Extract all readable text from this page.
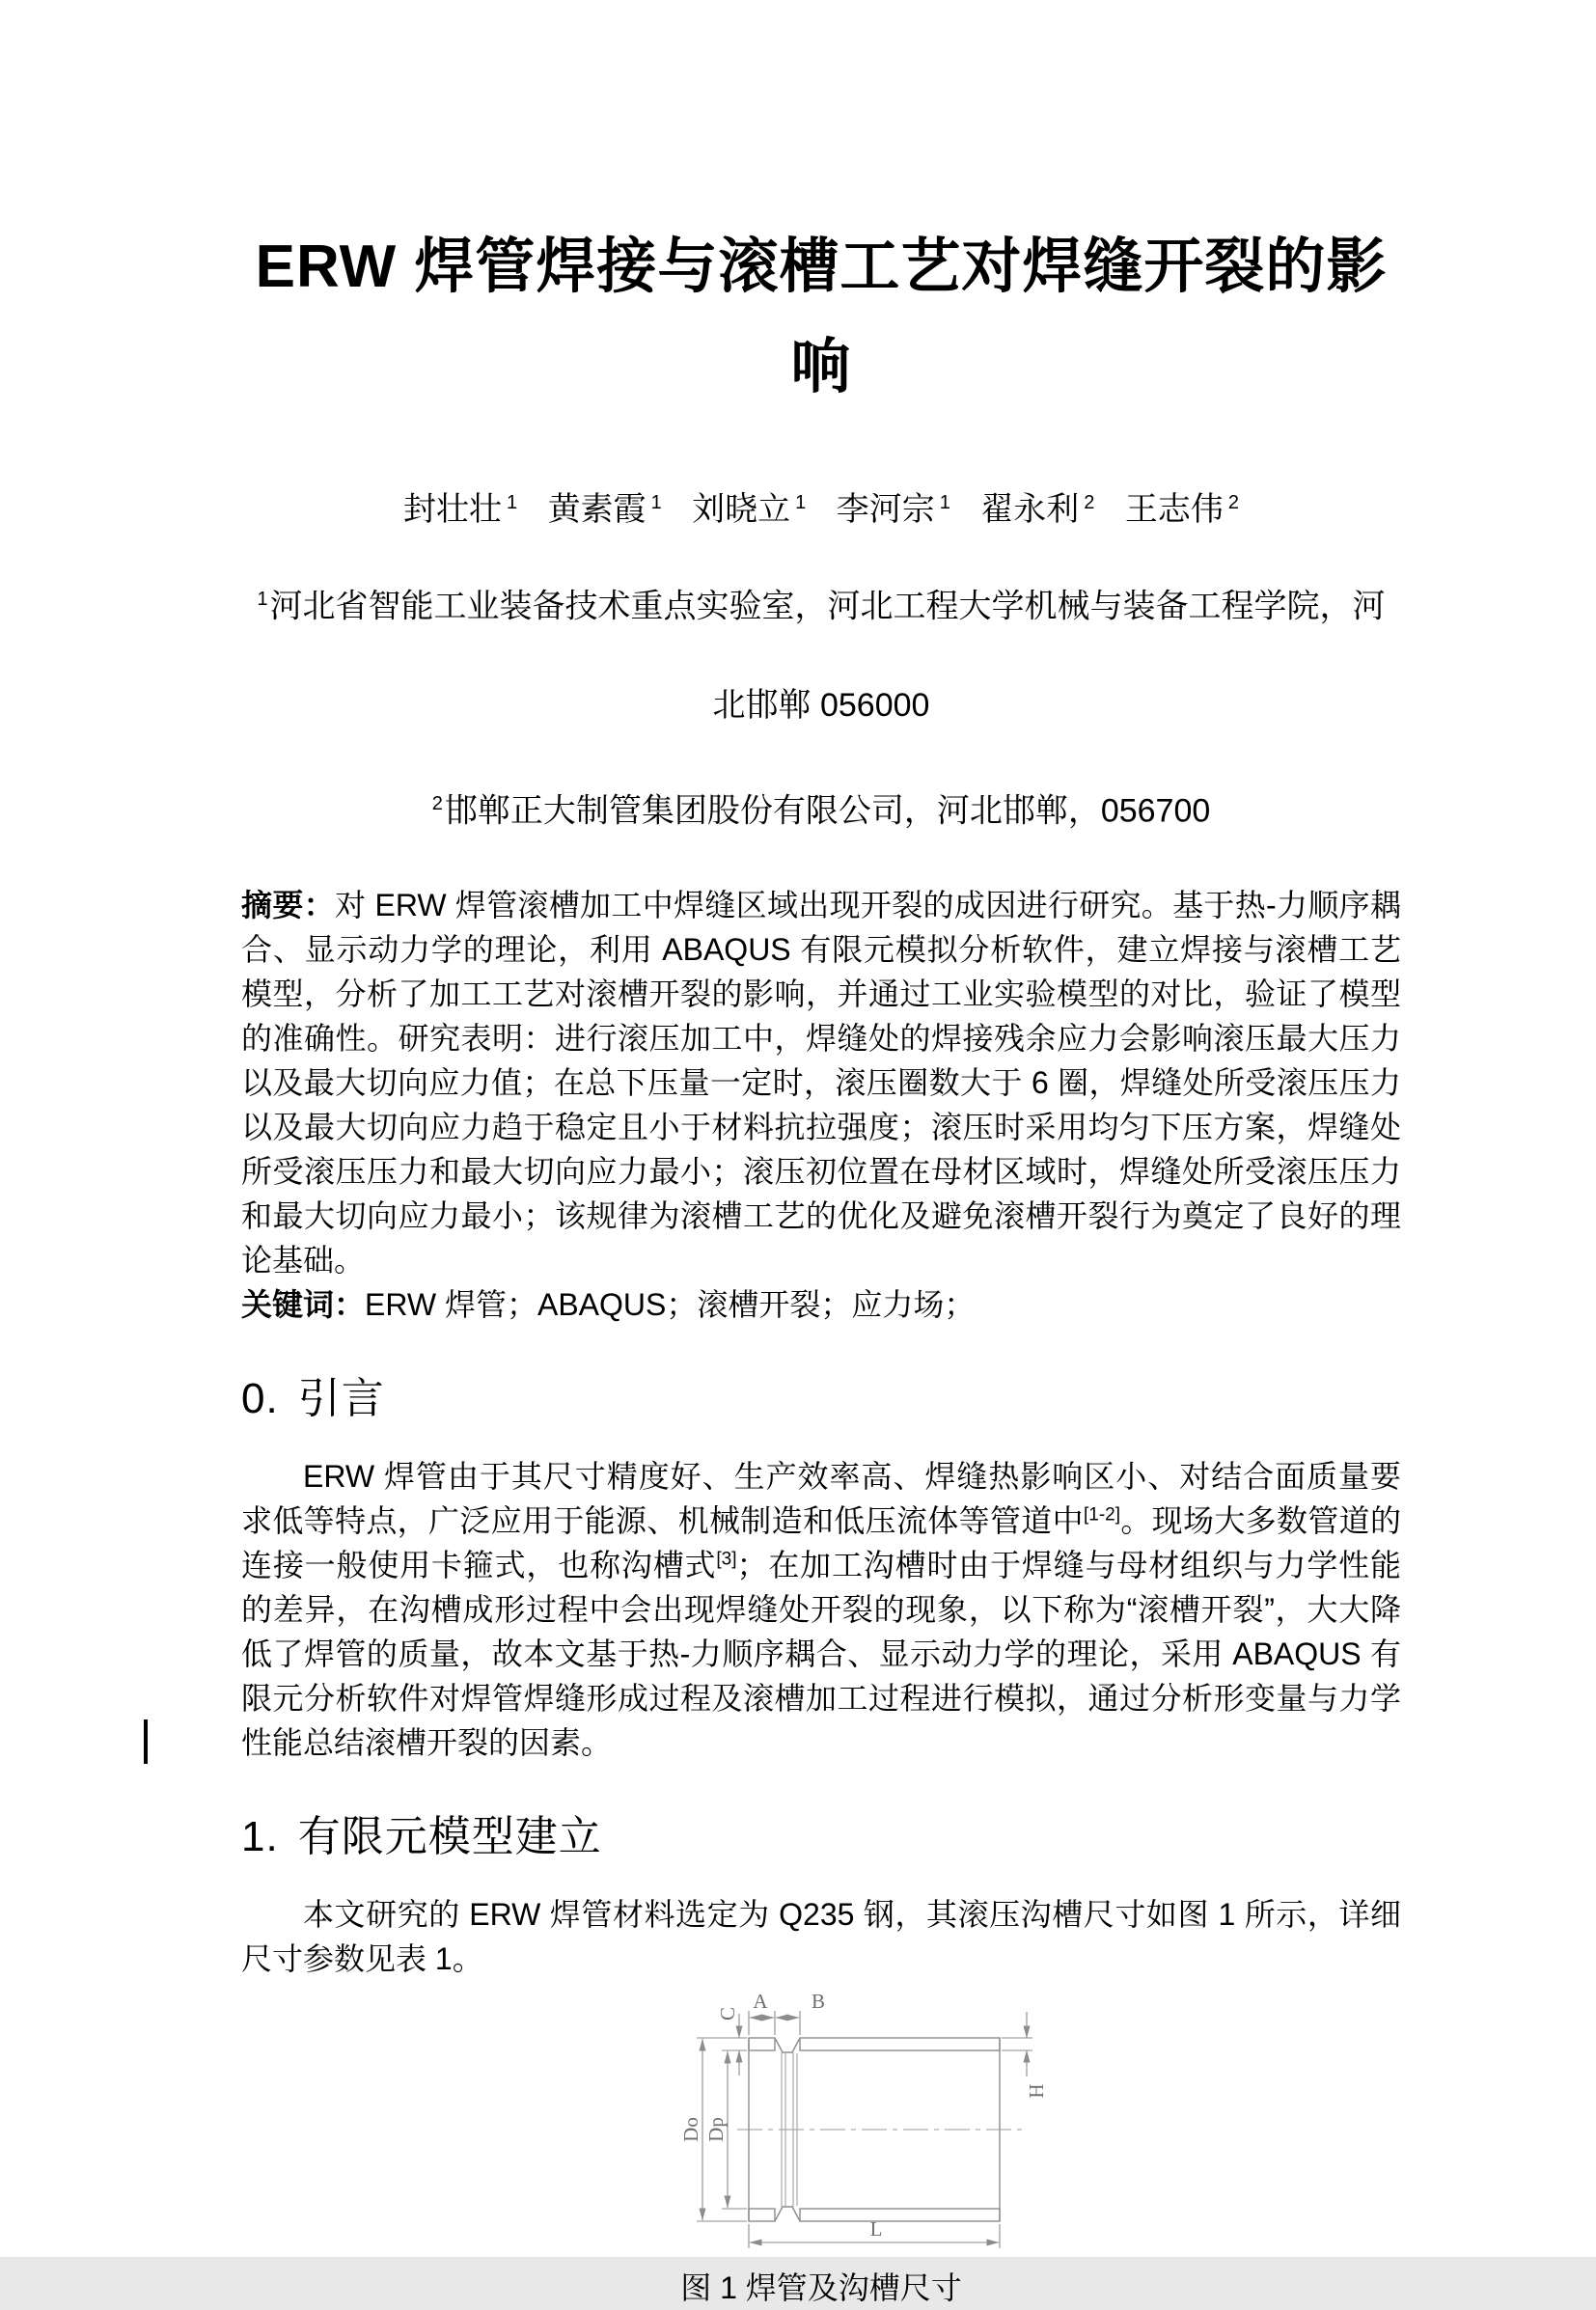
ERW 焊管焊接与滚槽工艺对焊缝开裂的影
响
封壮壮 $^1$ 黄素霞 $^1$ 刘晓立 $^1$ 李河宗 $^1$ 翟永利 $^2$ 王志伟 $^2$
$^1$河北省智能工业装备技术重点实验室，河北工程大学机械与装备工程学院，河
北邯郸 056000
$^2$邯郸正大制管集团股份有限公司，河北邯郸，056700

摘要：对 ERW 焊管滚槽加工中焊缝区域出现开裂的成因进行研究。基于热-力顺序耦合、显示动力学的理论，利用 ABAQUS 有限元模拟分析软件，建立焊接与滚槽工艺模型，分析了加工工艺对滚槽开裂的影响，并通过工业实验模型的对比，验证了模型的准确性。研究表明：进行滚压加工中，焊缝处的焊接残余应力会影响滚压最大压力以及最大切向应力值；在总下压量一定时，滚压圈数大于 6 圈，焊缝处所受滚压压力以及最大切向应力趋于稳定且小于材料抗拉强度；滚压时采用均匀下压方案，焊缝处所受滚压压力和最大切向应力最小；滚压初位置在母材区域时，焊缝处所受滚压压力和最大切向应力最小；该规律为滚槽工艺的优化及避免滚槽开裂行为奠定了良好的理论基础。

关键词：ERW 焊管；ABAQUS；滚槽开裂；应力场；

0. 引言

ERW 焊管由于其尺寸精度好、生产效率高、焊缝热影响区小、对结合面质量要求低等特点，广泛应用于能源、机械制造和低压流体等管道中[1-2]。现场大多数管道的连接一般使用卡箍式，也称沟槽式[3]；在加工沟槽时由于焊缝与母材组织与力学性能的差异，在沟槽成形过程中会出现焊缝处开裂的现象，以下称为“滚槽开裂”，大大降低了焊管的质量，故本文基于热-力顺序耦合、显示动力学的理论，采用 ABAQUS 有限元分析软件对焊管焊缝形成过程及滚槽加工过程进行模拟，通过分析形变量与力学性能总结滚槽开裂的因素。

1. 有限元模型建立

本文研究的 ERW 焊管材料选定为 Q235 钢，其滚压沟槽尺寸如图 1 所示，详细尺寸参数见表 1。

Do Dp
C
A B
H
L
图 1 焊管及沟槽尺寸
